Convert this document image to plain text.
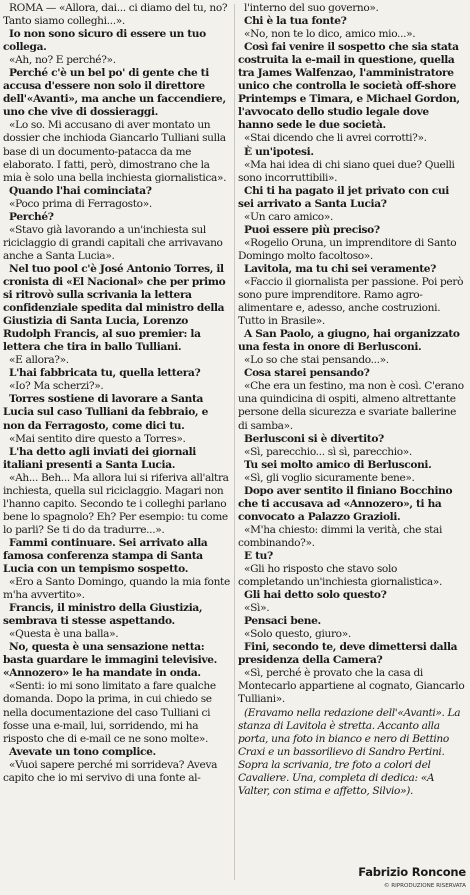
ROMA — «Allora, dai... ci diamo del tu, no? Tanto siamo colleghi...».

Io non sono sicuro di essere un tuo collega.

«Ah, no? E perché?».

Perché c'è un bel po' di gente che ti accusa d'essere non solo il direttore dell'«Avanti», ma anche un faccendiere, uno che vive di dossieraggi.

«Lo so. Mi accusano di aver montato un dossier che inchioda Giancarlo Tulliani sulla base di un documento-patacca da me elaborato. I fatti, però, dimostrano che la mia è solo una bella inchiesta giornalistica».

Quando l'hai cominciata?

«Poco prima di Ferragosto».

Perché?

«Stavo già lavorando a un'inchiesta sul riciclaggio di grandi capitali che arrivavano anche a Santa Lucia».

Nel tuo pool c'è José Antonio Torres, il cronista di «El Nacional» che per primo si ritrovò sulla scrivania la lettera confidenziale spedita dal ministro della Giustizia di Santa Lucia, Lorenzo Rudolph Francis, al suo premier: la lettera che tira in ballo Tulliani.

«E allora?».

L'hai fabbricata tu, quella lettera?

«Io? Ma scherzi?».

Torres sostiene di lavorare a Santa Lucia sul caso Tulliani da febbraio, e non da Ferragosto, come dici tu.

«Mai sentito dire questo a Torres».

L'ha detto agli inviati dei giornali italiani presenti a Santa Lucia.

«Ah... Beh... Ma allora lui si riferiva all'altra inchiesta, quella sul riciclaggio. Magari non l'hanno capito. Secondo te i colleghi parlano bene lo spagnolo? Eh? Per esempio: tu come lo parli? Se ti do da tradurre...».

Fammi continuare. Sei arrivato alla famosa conferenza stampa di Santa Lucia con un tempismo sospetto.

«Ero a Santo Domingo, quando la mia fonte m'ha avvertito».

Francis, il ministro della Giustizia, sembrava ti stesse aspettando.

«Questa è una balla».

No, questa è una sensazione netta: basta guardare le immagini televisive. «Annozero» le ha mandate in onda.

«Senti: io mi sono limitato a fare qualche domanda. Dopo la prima, in cui chiedo se nella documentazione del caso Tulliani ci fosse una e-mail, lui, sorridendo, mi ha risposto che di e-mail ce ne sono molte».

Avevate un tono complice.

«Vuoi sapere perché mi sorrideva? Aveva capito che io mi servivo di una fonte al-

l'interno del suo governo».

Chi è la tua fonte?

«No, non te lo dico, amico mio...».

Così fai venire il sospetto che sia stata costruita la e-mail in questione, quella tra James Walfenzao, l'amministratore unico che controlla le società off-shore Printemps e Timara, e Michael Gordon, l'avvocato dello studio legale dove hanno sede le due società.

«Stai dicendo che li avrei corrotti?».

È un'ipotesi.

«Ma hai idea di chi siano quei due? Quelli sono incorruttibili».

Chi ti ha pagato il jet privato con cui sei arrivato a Santa Lucia?

«Un caro amico».

Puoi essere più preciso?

«Rogelio Oruna, un imprenditore di Santo Domingo molto facoltoso».

Lavitola, ma tu chi sei veramente?

«Faccio il giornalista per passione. Poi però sono pure imprenditore. Ramo agro-alimentare e, adesso, anche costruzioni. Tutto in Brasile».

A San Paolo, a giugno, hai organizzato una festa in onore di Berlusconi.

«Lo so che stai pensando...».

Cosa starei pensando?

«Che era un festino, ma non è così. C'erano una quindicina di ospiti, almeno altrettante persone della sicurezza e svariate ballerine di samba».

Berlusconi si è divertito?

«Sì, parecchio... sì sì, parecchio».

Tu sei molto amico di Berlusconi.

«Sì, gli voglio sicuramente bene».

Dopo aver sentito il finiano Bocchino che ti accusava ad «Annozero», ti ha convocato a Palazzo Grazioli.

«M'ha chiesto: dimmi la verità, che stai combinando?».

E tu?

«Gli ho risposto che stavo solo completando un'inchiesta giornalistica».

Gli hai detto solo questo?

«Sì».

Pensaci bene.

«Solo questo, giuro».

Fini, secondo te, deve dimettersi dalla presidenza della Camera?

«Sì, perché è provato che la casa di Montecarlo appartiene al cognato, Giancarlo Tulliani».

(Eravamo nella redazione dell'«Avanti». La stanza di Lavitola è stretta. Accanto alla porta, una foto in bianco e nero di Bettino Craxi e un bassorilievo di Sandro Pertini. Sopra la scrivania, tre foto a colori del Cavaliere. Una, completa di dedica: «A Valter, con stima e affetto, Silvio»).

Fabrizio Roncone
© RIPRODUZIONE RISERVATA
